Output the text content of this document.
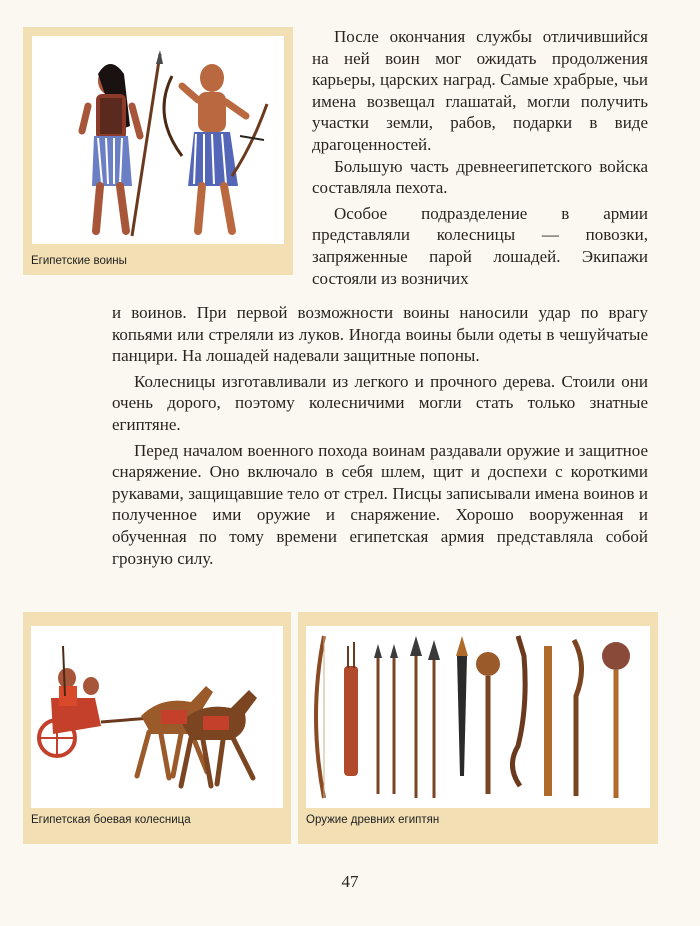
Египетские воины

После окончания службы отличившийся на ней воин мог ожидать продолжения карьеры, царских наград. Самые храбрые, чьи имена возвещал глашатай, могли получить участки земли, рабов, подарки в виде драгоценностей.

Большую часть древнеегипетского войска составляла пехота.

Особое подразделение в армии представляли колесницы — повозки, запряженные парой лошадей. Экипажи состояли из возничих

и воинов. При первой возможности воины наносили удар по врагу копьями или стреляли из луков. Иногда воины были одеты в чешуйчатые панцири. На лошадей надевали защитные попоны.

Колесницы изготавливали из легкого и прочного дерева. Стоили они очень дорого, поэтому колесничими могли стать только знатные египтяне.

Перед началом военного похода воинам раздавали оружие и защитное снаряжение. Оно включало в себя шлем, щит и доспехи с короткими рукавами, защищавшие тело от стрел. Писцы записывали имена воинов и полученное ими оружие и снаряжение. Хорошо вооруженная и обученная по тому времени египетская армия представляла собой грозную силу.

Египетская боевая колесница	Оружие древних египтян
47
